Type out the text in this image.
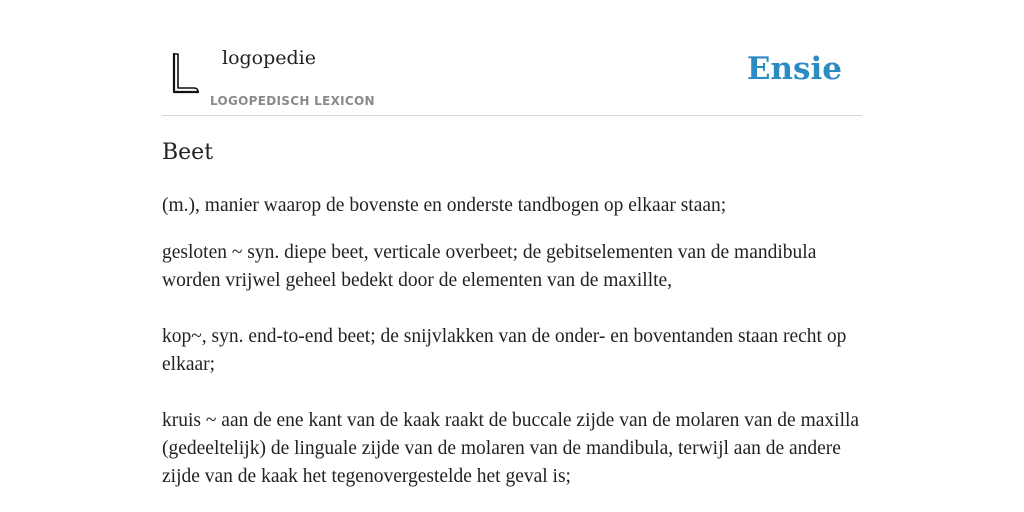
logopedie
LOGOPEDISCH LEXICON
Ensie
Beet

(m.), manier waarop de bovenste en onderste tandbogen op elkaar staan;

gesloten ~ syn. diepe beet, verticale overbeet; de gebitselementen van de mandibula worden vrijwel geheel bedekt door de elementen van de maxillte,

kop~, syn. end-to-end beet; de snijvlakken van de onder- en boventanden staan recht op elkaar;

kruis ~ aan de ene kant van de kaak raakt de buccale zijde van de molaren van de maxilla (gedeeltelijk) de linguale zijde van de molaren van de mandibula, terwijl aan de andere zijde van de kaak het tegenovergestelde het geval is;
